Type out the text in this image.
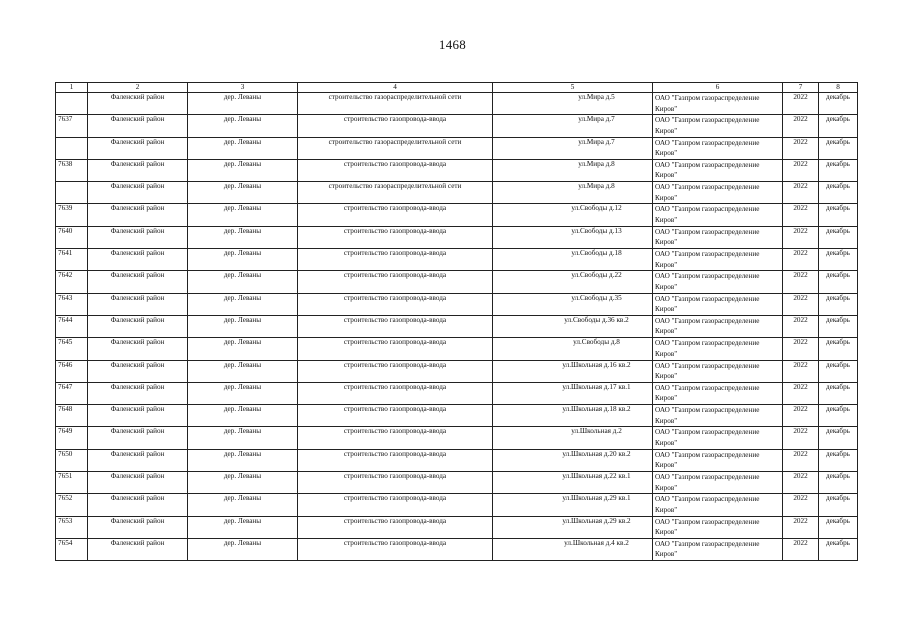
1468
1	2	3	4	5	6	7	8
	Фаленский район	дер. Леваны	строительство газораспределительной сети	ул.Мира д.5	ОАО "Газпром газораспределение Киров"	2022	декабрь
7637	Фаленский район	дер. Леваны	строительство газопровода-ввода	ул.Мира д.7	ОАО "Газпром газораспределение Киров"	2022	декабрь
	Фаленский район	дер. Леваны	строительство газораспределительной сети	ул.Мира д.7	ОАО "Газпром газораспределение Киров"	2022	декабрь
7638	Фаленский район	дер. Леваны	строительство газопровода-ввода	ул.Мира д.8	ОАО "Газпром газораспределение Киров"	2022	декабрь
	Фаленский район	дер. Леваны	строительство газораспределительной сети	ул.Мира д.8	ОАО "Газпром газораспределение Киров"	2022	декабрь
7639	Фаленский район	дер. Леваны	строительство газопровода-ввода	ул.Свободы д.12	ОАО "Газпром газораспределение Киров"	2022	декабрь
7640	Фаленский район	дер. Леваны	строительство газопровода-ввода	ул.Свободы д.13	ОАО "Газпром газораспределение Киров"	2022	декабрь
7641	Фаленский район	дер. Леваны	строительство газопровода-ввода	ул.Свободы д.18	ОАО "Газпром газораспределение Киров"	2022	декабрь
7642	Фаленский район	дер. Леваны	строительство газопровода-ввода	ул.Свободы д.22	ОАО "Газпром газораспределение Киров"	2022	декабрь
7643	Фаленский район	дер. Леваны	строительство газопровода-ввода	ул.Свободы д.35	ОАО "Газпром газораспределение Киров"	2022	декабрь
7644	Фаленский район	дер. Леваны	строительство газопровода-ввода	ул.Свободы д.36 кв.2	ОАО "Газпром газораспределение Киров"	2022	декабрь
7645	Фаленский район	дер. Леваны	строительство газопровода-ввода	ул.Свободы д.8	ОАО "Газпром газораспределение Киров"	2022	декабрь
7646	Фаленский район	дер. Леваны	строительство газопровода-ввода	ул.Школьная д.16 кв.2	ОАО "Газпром газораспределение Киров"	2022	декабрь
7647	Фаленский район	дер. Леваны	строительство газопровода-ввода	ул.Школьная д.17 кв.1	ОАО "Газпром газораспределение Киров"	2022	декабрь
7648	Фаленский район	дер. Леваны	строительство газопровода-ввода	ул.Школьная д.18 кв.2	ОАО "Газпром газораспределение Киров"	2022	декабрь
7649	Фаленский район	дер. Леваны	строительство газопровода-ввода	ул.Школьная д.2	ОАО "Газпром газораспределение Киров"	2022	декабрь
7650	Фаленский район	дер. Леваны	строительство газопровода-ввода	ул.Школьная д.20 кв.2	ОАО "Газпром газораспределение Киров"	2022	декабрь
7651	Фаленский район	дер. Леваны	строительство газопровода-ввода	ул.Школьная д.22 кв.1	ОАО "Газпром газораспределение Киров"	2022	декабрь
7652	Фаленский район	дер. Леваны	строительство газопровода-ввода	ул.Школьная д.29 кв.1	ОАО "Газпром газораспределение Киров"	2022	декабрь
7653	Фаленский район	дер. Леваны	строительство газопровода-ввода	ул.Школьная д.29 кв.2	ОАО "Газпром газораспределение Киров"	2022	декабрь
7654	Фаленский район	дер. Леваны	строительство газопровода-ввода	ул.Школьная д.4 кв.2	ОАО "Газпром газораспределение Киров"	2022	декабрь
